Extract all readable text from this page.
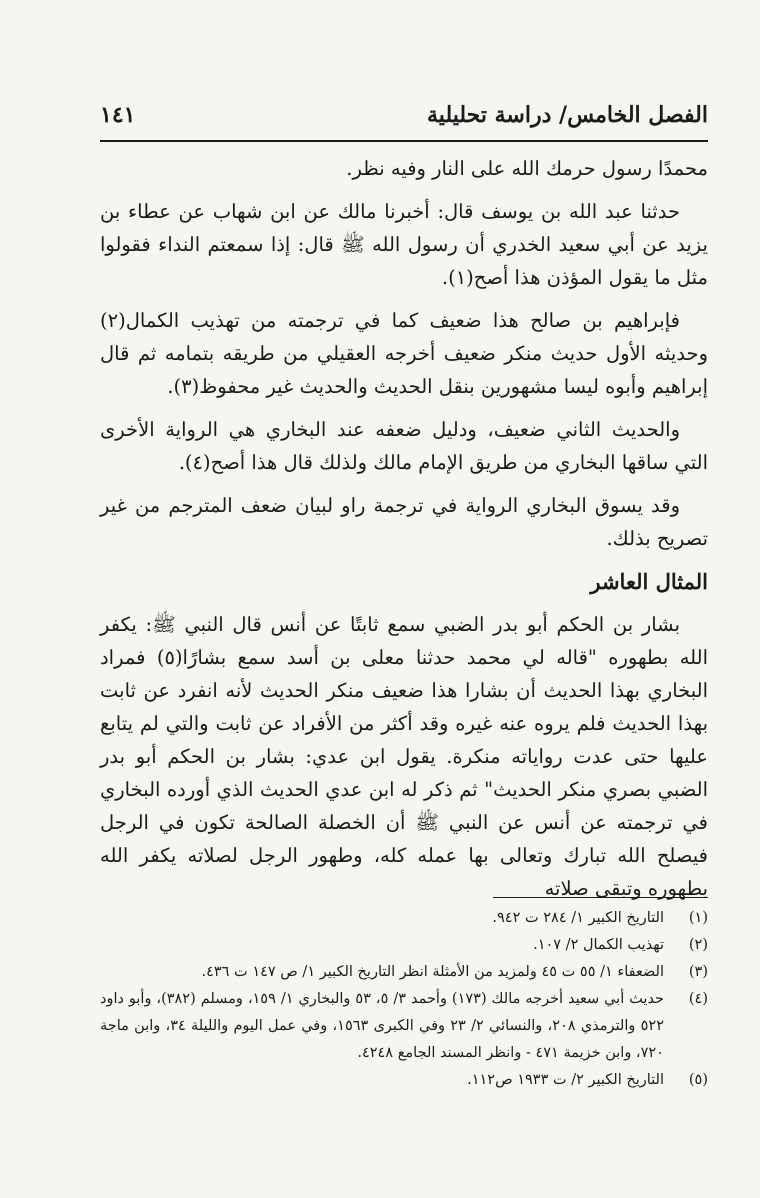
الفصل الخامس/ دراسة تحليلية
١٤١

محمدًا رسول حرمك الله على النار وفيه نظر.

حدثنا عبد الله بن يوسف قال: أخبرنا مالك عن ابن شهاب عن عطاء بن يزيد عن أبي سعيد الخدري أن رسول الله ﷺ قال: إذا سمعتم النداء فقولوا مثل ما يقول المؤذن هذا أصح(١).

فإبراهيم بن صالح هذا ضعيف كما في ترجمته من تهذيب الكمال(٢) وحديثه الأول حديث منكر ضعيف أخرجه العقيلي من طريقه بتمامه ثم قال إبراهيم وأبوه ليسا مشهورين بنقل الحديث والحديث غير محفوظ(٣).

والحديث الثاني ضعيف، ودليل ضعفه عند البخاري هي الرواية الأخرى التي ساقها البخاري من طريق الإمام مالك ولذلك قال هذا أصح(٤).

وقد يسوق البخاري الرواية في ترجمة راو لبيان ضعف المترجم من غير تصريح بذلك.

المثال العاشر

بشار بن الحكم أبو بدر الضبي سمع ثابتًا عن أنس قال النبي ﷺ: يكفر الله بطهوره "قاله لي محمد حدثنا معلى بن أسد سمع بشارًا(٥) فمراد البخاري بهذا الحديث أن بشارا هذا ضعيف منكر الحديث لأنه انفرد عن ثابت بهذا الحديث فلم يروه عنه غيره وقد أكثر من الأفراد عن ثابت والتي لم يتابع عليها حتى عدت رواياته منكرة. يقول ابن عدي: بشار بن الحكم أبو بدر الضبي بصري منكر الحديث" ثم ذكر له ابن عدي الحديث الذي أورده البخاري في ترجمته عن أنس عن النبي ﷺ أن الخصلة الصالحة تكون في الرجل فيصلح الله تبارك وتعالى بها عمله كله، وطهور الرجل لصلاته يكفر الله بطهوره وتبقى صلاته

(١)
التاريخ الكبير ١/ ٢٨٤ ت ٩٤٢.
(٢)
تهذيب الكمال ٢/ ١٠٧.
(٣)
الضعفاء ١/ ٥٥ ت ٤٥ ولمزيد من الأمثلة انظر التاريخ الكبير ١/ ص ١٤٧ ت ٤٣٦.
(٤)
حديث أبي سعيد أخرجه مالك (١٧٣) وأحمد ٣/ ٥، ٥٣ والبخاري ١/ ١٥٩، ومسلم (٣٨٢)، وأبو داود ٥٢٢ والترمذي ٢٠٨، والنسائي ٢/ ٢٣ وفي الكبرى ١٥٦٣، وفي عمل اليوم والليلة ٣٤، وابن ماجة ٧٢٠، وابن خزيمة ٤٧١ - وانظر المسند الجامع ٤٢٤٨.
(٥)
التاريخ الكبير ٢/ ت ١٩٣٣ ص١١٢.
